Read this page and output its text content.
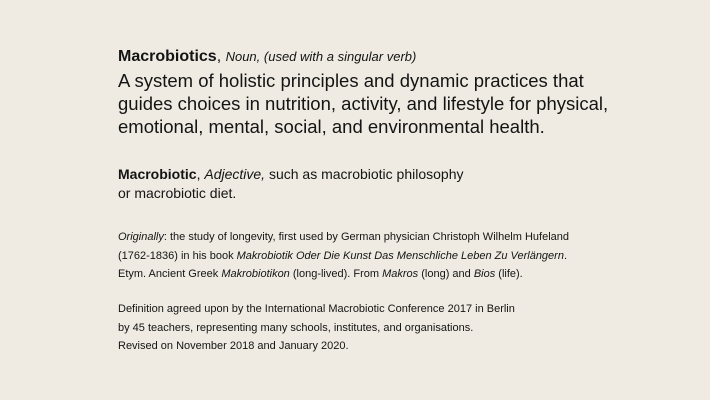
Macrobiotics, Noun, (used with a singular verb)
A system of holistic principles and dynamic practices that
guides choices in nutrition, activity, and lifestyle for physical,
emotional, mental, social, and environmental health.
Macrobiotic, Adjective, such as macrobiotic philosophy
or macrobiotic diet.
Originally: the study of longevity, first used by German physician Christoph Wilhelm Hufeland
(1762-1836) in his book Makrobiotik Oder Die Kunst Das Menschliche Leben Zu Verlängern.
Etym. Ancient Greek Makrobiotikon (long-lived). From Makros (long) and Bios (life).
Definition agreed upon by the International Macrobiotic Conference 2017 in Berlin
by 45 teachers, representing many schools, institutes, and organisations.
Revised on November 2018 and January 2020.
